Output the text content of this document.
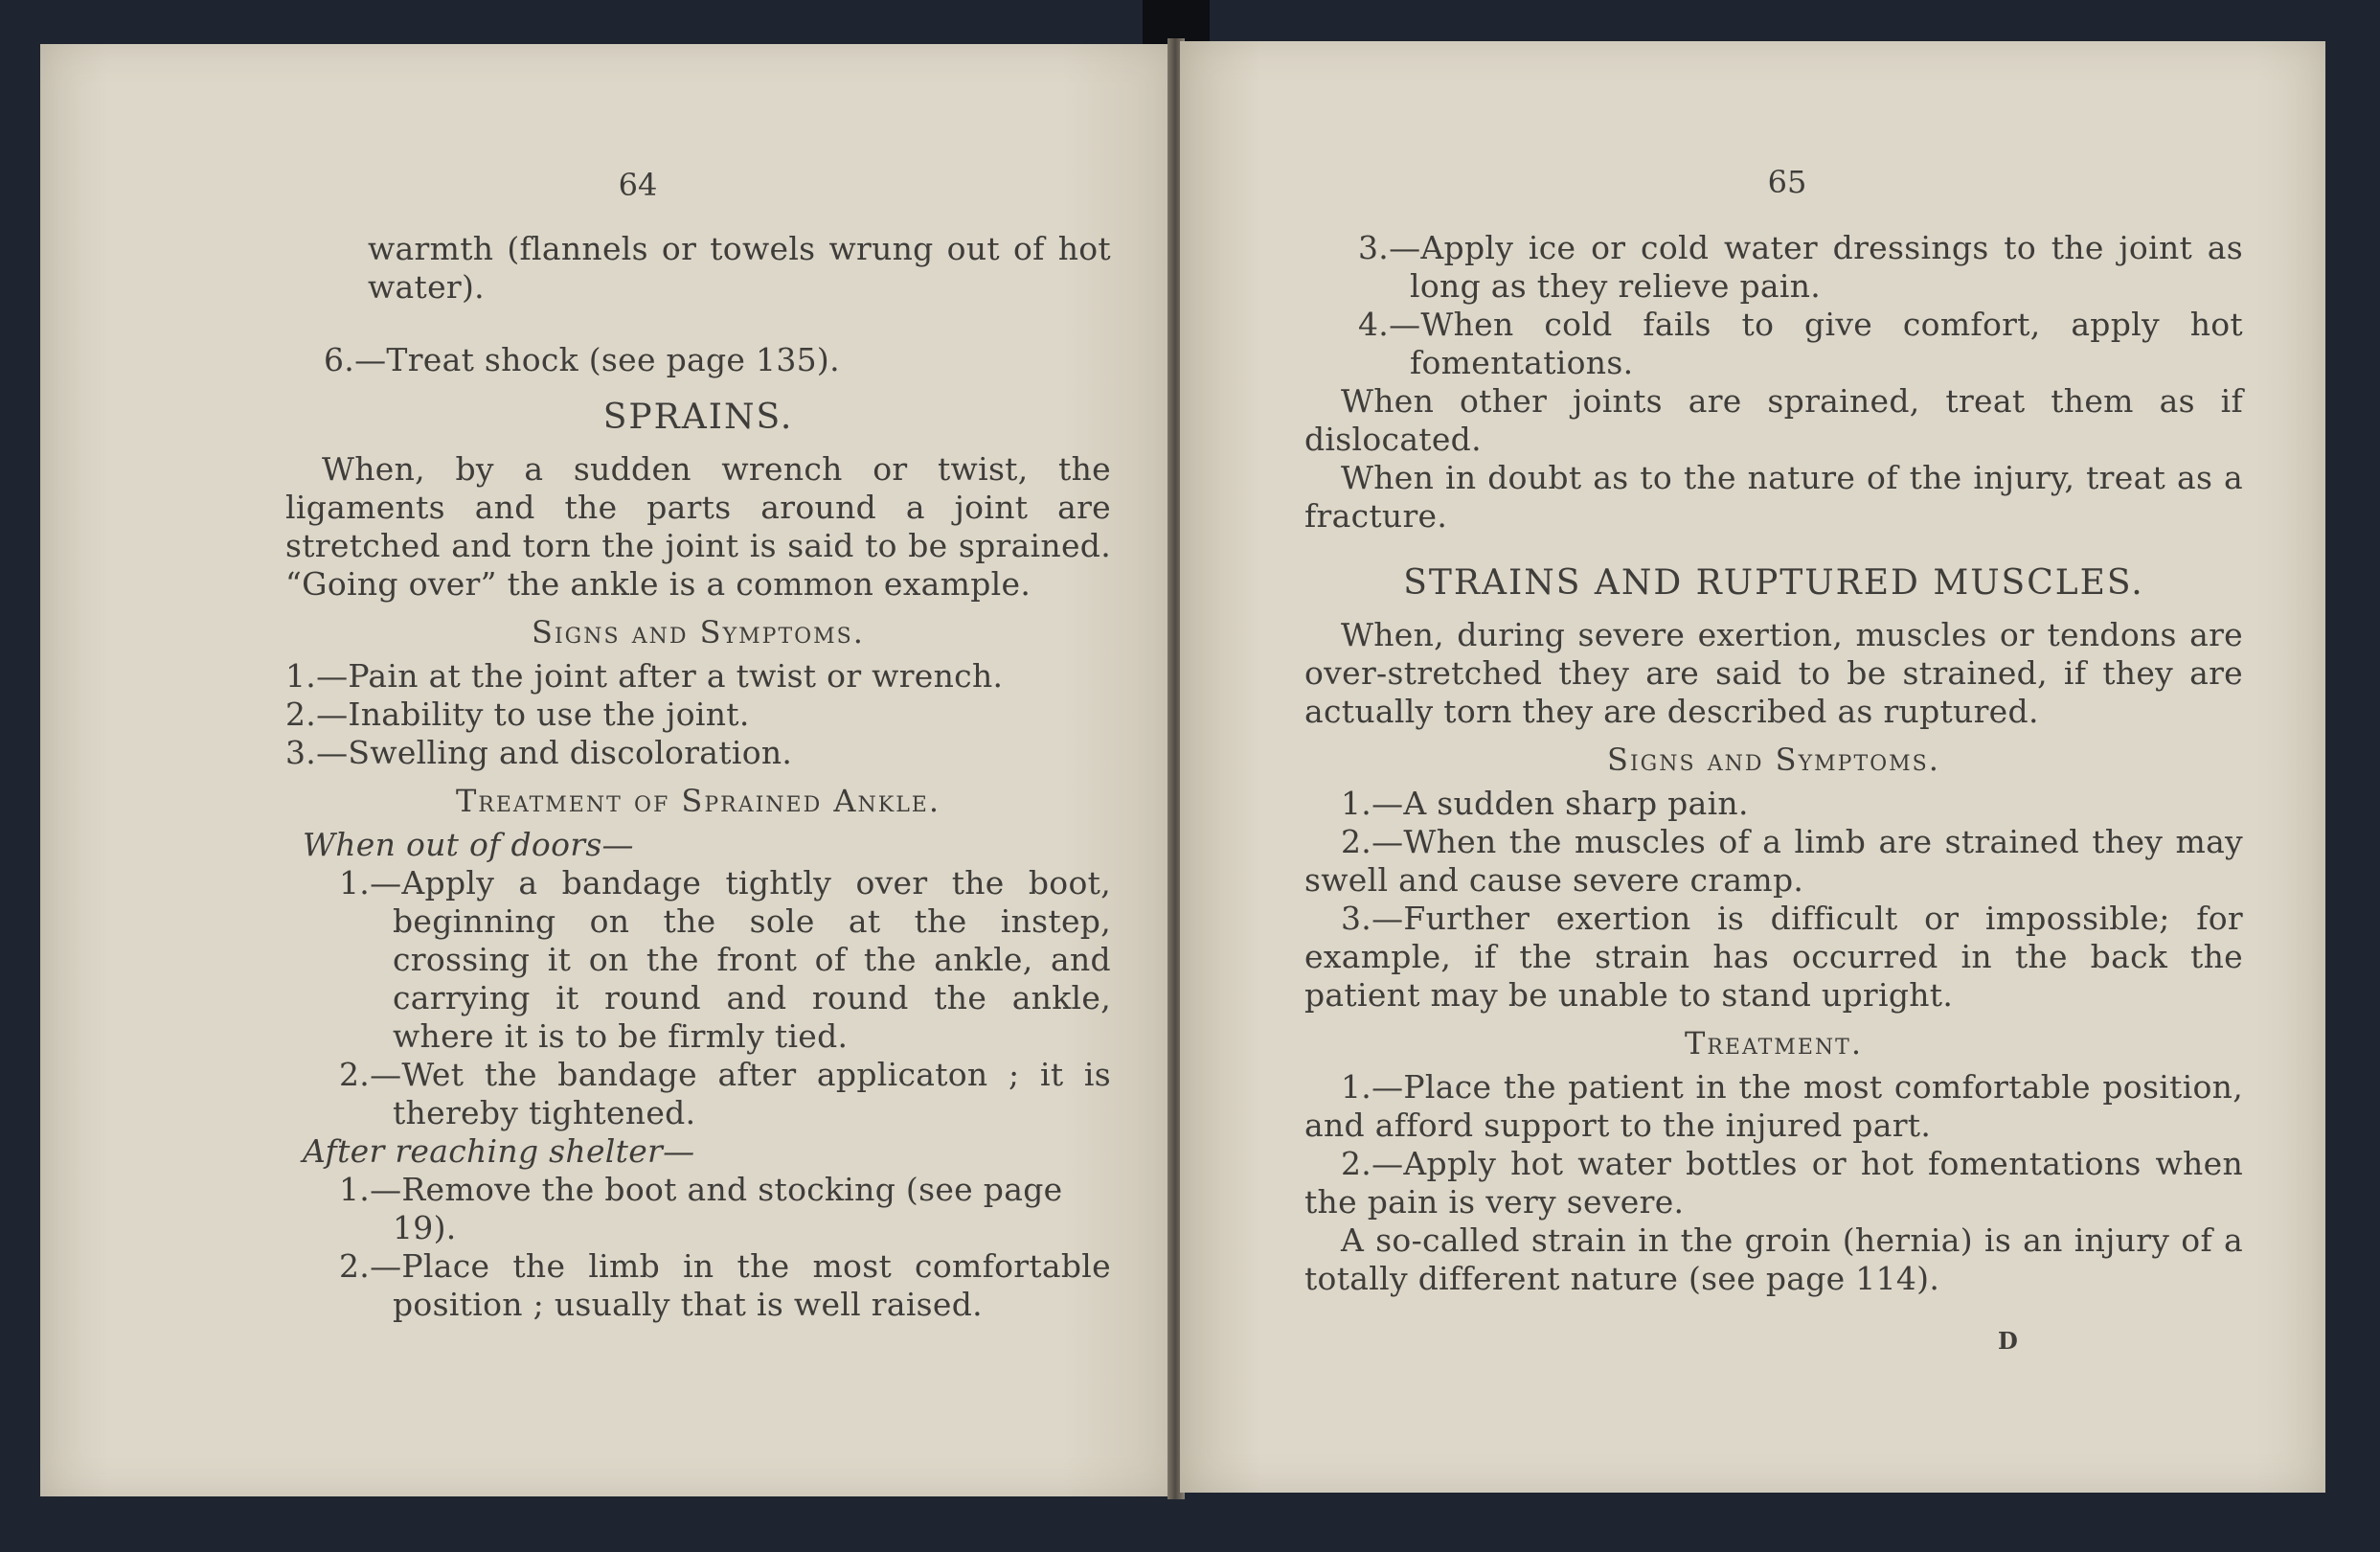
64

warmth (flannels or towels wrung out of hot water).

6.—Treat shock (see page 135).

SPRAINS.

When, by a sudden wrench or twist, the ligaments and the parts around a joint are stretched and torn the joint is said to be sprained. “Going over” the ankle is a common example.

Signs and Symptoms.

1.—Pain at the joint after a twist or wrench.

2.—Inability to use the joint.

3.—Swelling and discoloration.

Treatment of Sprained Ankle.

When out of doors—

1.—Apply a bandage tightly over the boot, beginning on the sole at the instep, crossing it on the front of the ankle, and carrying it round and round the ankle, where it is to be firmly tied.

2.—Wet the bandage after applicaton ; it is thereby tightened.

After reaching shelter—

1.—Remove the boot and stocking (see page 19).

2.—Place the limb in the most comfortable position ; usually that is well raised.

65

3.—Apply ice or cold water dressings to the joint as long as they relieve pain.

4.—When cold fails to give comfort, apply hot fomentations.

When other joints are sprained, treat them as if dislocated.

When in doubt as to the nature of the injury, treat as a fracture.

STRAINS AND RUPTURED MUSCLES.

When, during severe exertion, muscles or tendons are over-stretched they are said to be strained, if they are actually torn they are described as ruptured.

Signs and Symptoms.

1.—A sudden sharp pain.

2.—When the muscles of a limb are strained they may swell and cause severe cramp.

3.—Further exertion is difficult or impossible; for example, if the strain has occurred in the back the patient may be unable to stand upright.

Treatment.

1.—Place the patient in the most comfortable position, and afford support to the injured part.

2.—Apply hot water bottles or hot fomentations when the pain is very severe.

A so-called strain in the groin (hernia) is an injury of a totally different nature (see page 114).

D
